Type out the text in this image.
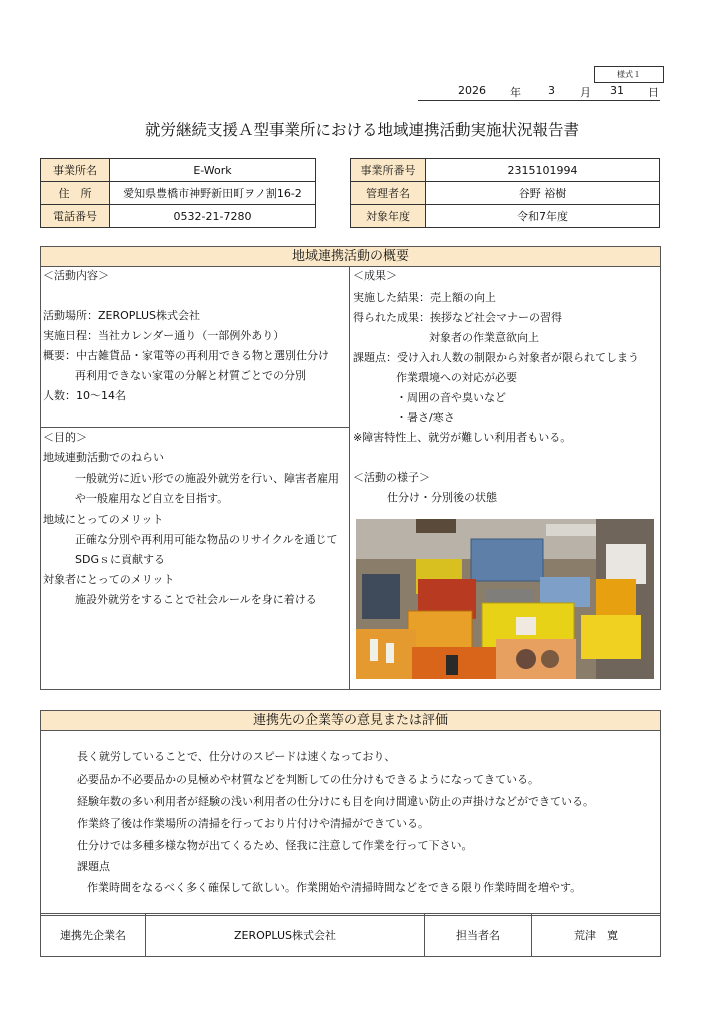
様式１
2026 年 3 月 31 日
就労継続支援Ａ型事業所における地域連携活動実施状況報告書
事業所名	E-Work
住　所	愛知県豊橋市神野新田町ヲノ割16-2
電話番号	0532-21-7280
事業所番号	2315101994
管理者名	谷野 裕樹
対象年度	令和7年度
地域連携活動の概要
＜活動内容＞
活動場所：ZEROPLUS株式会社
実施日程：当社カレンダー通り（一部例外あり）
概要：中古雑貨品・家電等の再利用できる物と選別仕分け
再利用できない家電の分解と材質ごとでの分別
人数：10～14名
＜目的＞
地域連動活動でのねらい
一般就労に近い形での施設外就労を行い、障害者雇用
や一般雇用など自立を目指す。
地域にとってのメリット
正確な分別や再利用可能な物品のリサイクルを通じて
SDGｓに貢献する
対象者にとってのメリット
施設外就労をすることで社会ルールを身に着ける
＜成果＞
実施した結果：売上額の向上
得られた成果：挨拶など社会マナーの習得
対象者の作業意欲向上
課題点：受け入れ人数の制限から対象者が限られてしまう
作業環境への対応が必要
・周囲の音や臭いなど
・暑さ/寒さ
※障害特性上、就労が難しい利用者もいる。
＜活動の様子＞
仕分け・分別後の状態
連携先の企業等の意見または評価
長く就労していることで、仕分けのスピードは速くなっており、
必要品か不必要品かの見極めや材質などを判断しての仕分けもできるようになってきている。
経験年数の多い利用者が経験の浅い利用者の仕分けにも目を向け間違い防止の声掛けなどができている。
作業終了後は作業場所の清掃を行っており片付けや清掃ができている。
仕分けでは多種多様な物が出てくるため、怪我に注意して作業を行って下さい。
課題点
作業時間をなるべく多く確保して欲しい。作業開始や清掃時間などをできる限り作業時間を増やす。
連携先企業名	ZEROPLUS株式会社	担当者名	荒津　寛
